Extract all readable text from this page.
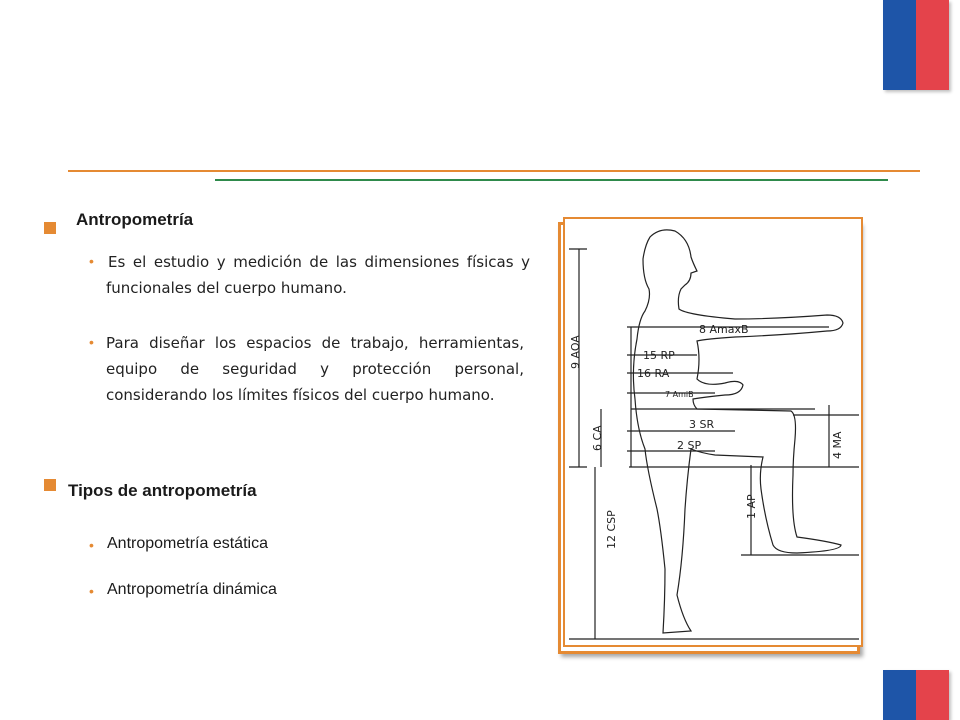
Antropometría
• Es el estudio y medición de las dimensiones físicas y funcionales del cuerpo humano.
• Para diseñar los espacios de trabajo, herramientas, equipo de seguridad y protección personal, considerando los límites físicos del cuerpo humano.
Tipos de antropometría
• Antropometría estática
• Antropometría dinámica
8 AmaxB
15 RP
16 RA
7 AmiB
3 SR
2 SP
9 AOA
6 CA
12 CSP
1 AP
4 MA
